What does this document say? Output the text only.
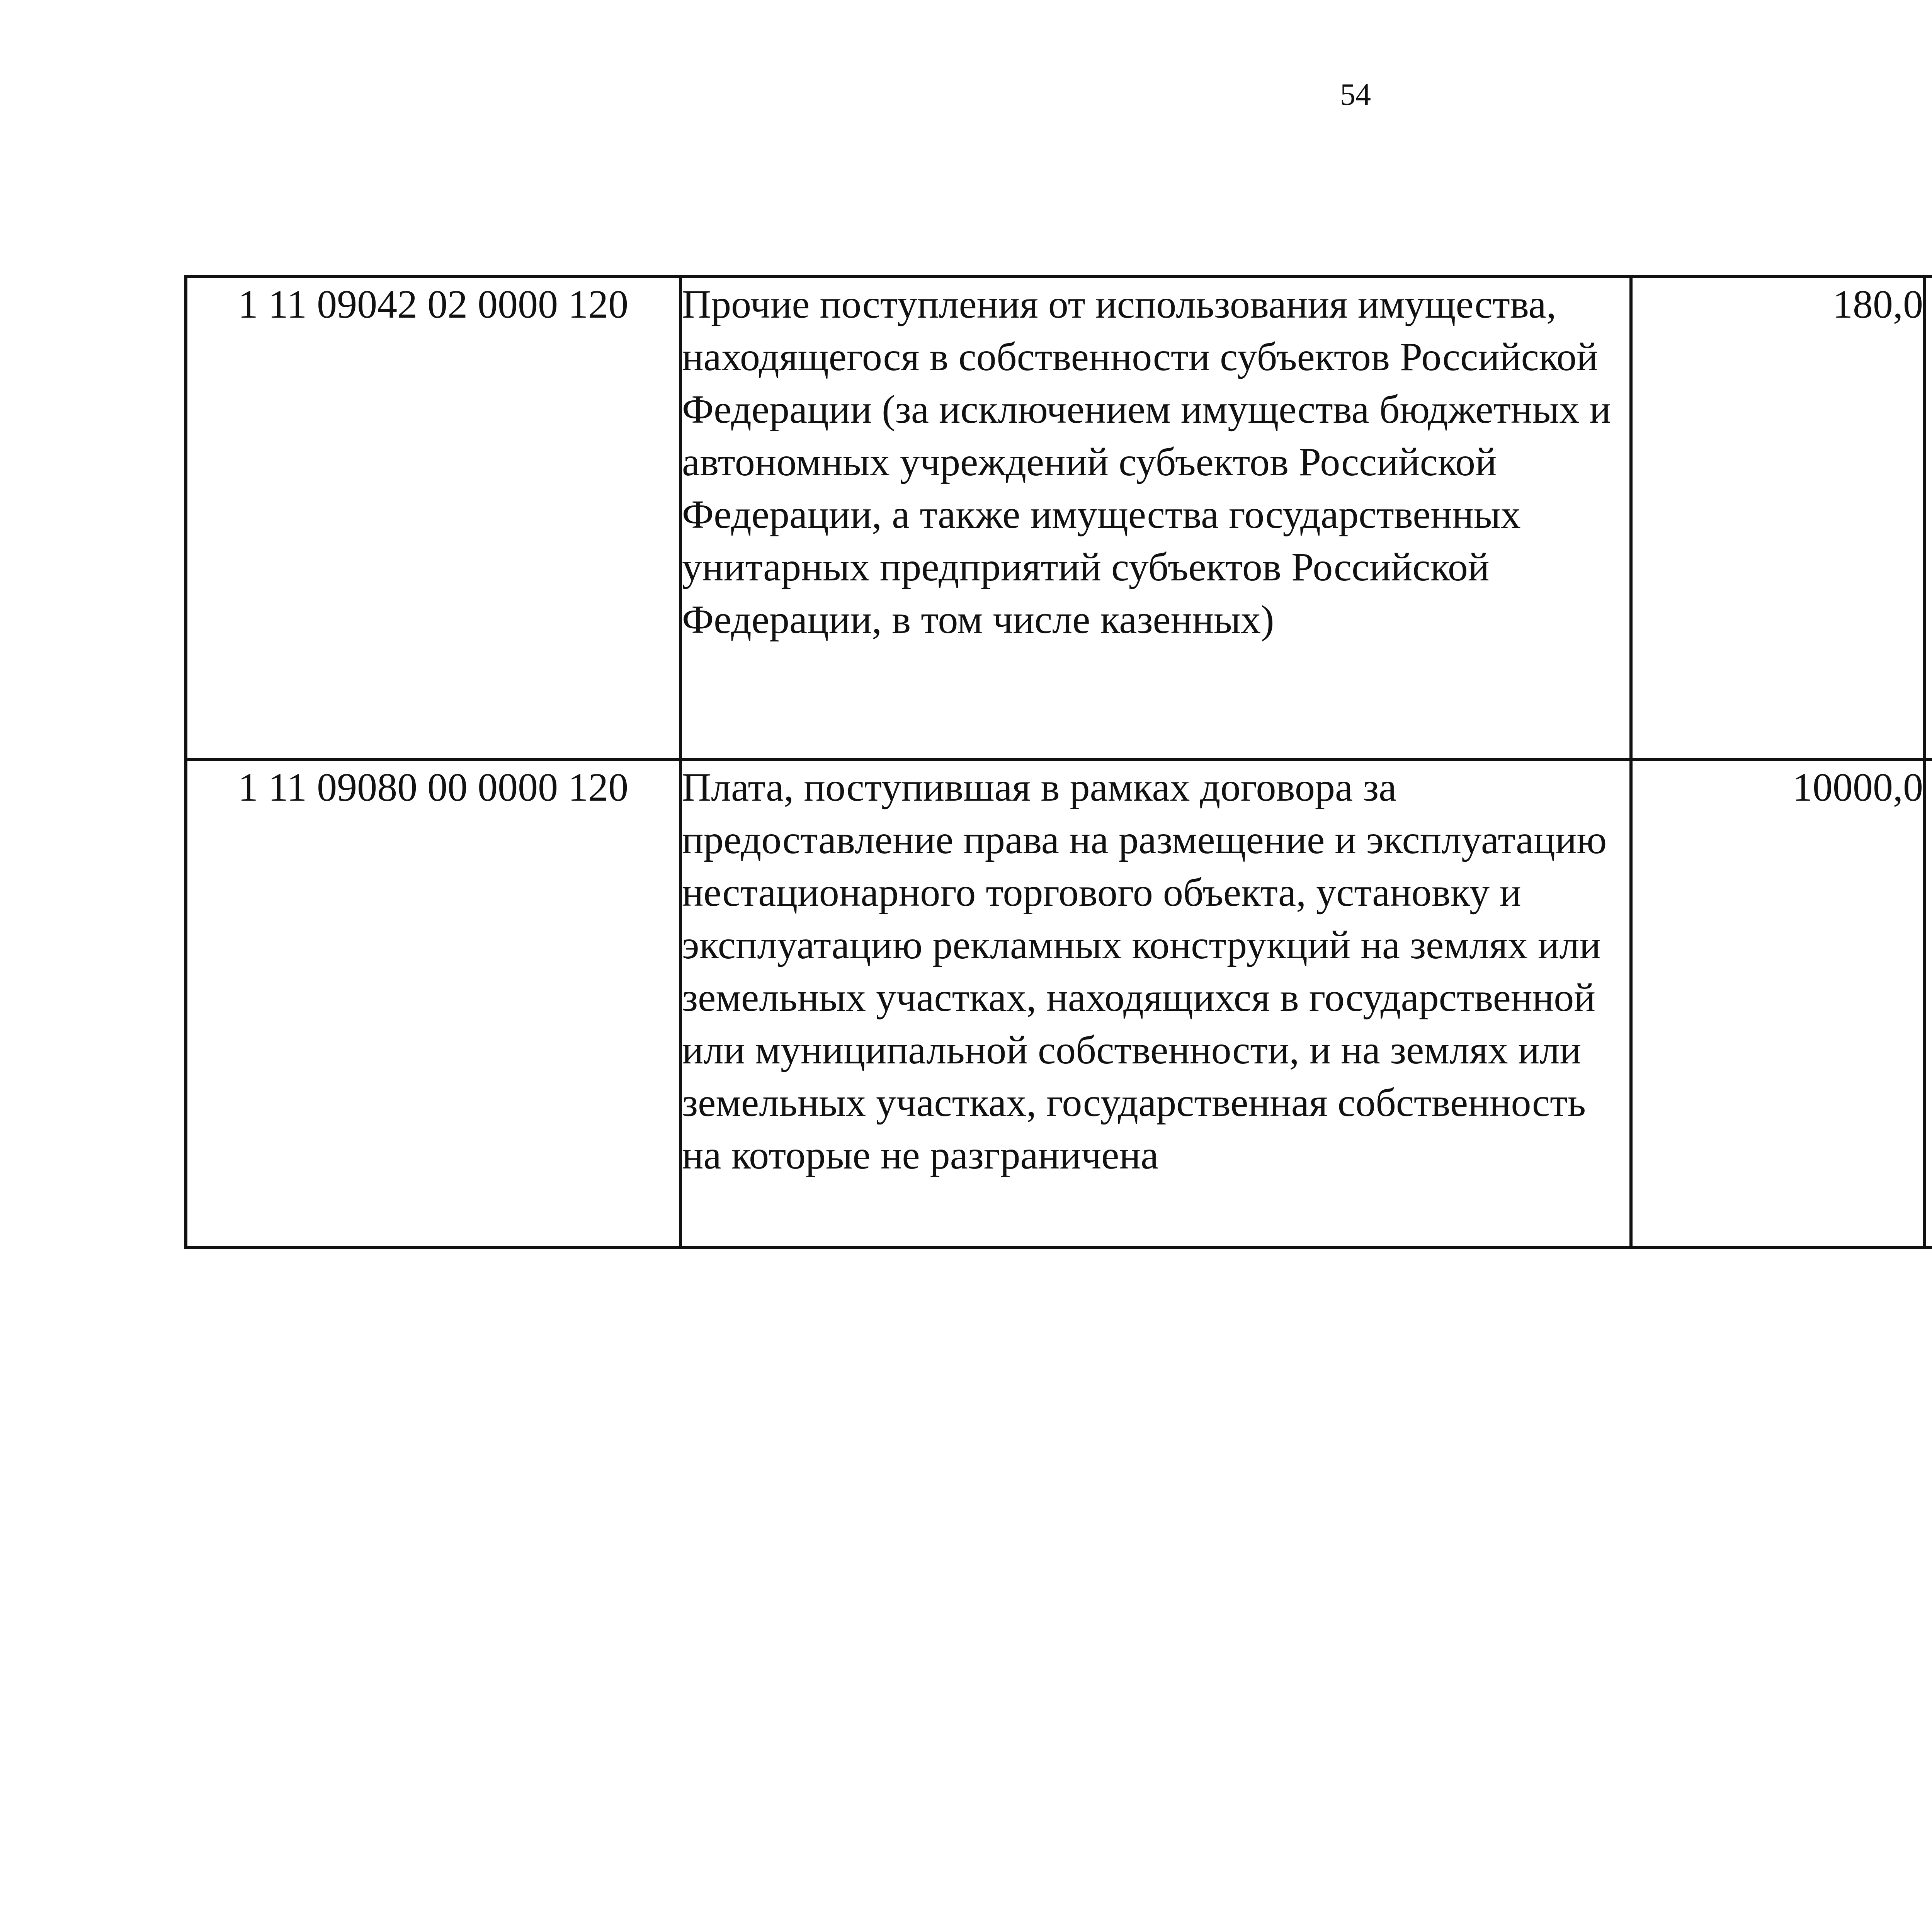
54
1 11 09042 02 0000 120	Прочие поступления от использования имущества, находящегося в собственности субъектов Российской Федерации (за исключением имущества бюджетных и автономных учреждений субъектов Российской Федерации, а также имущества государственных унитарных предприятий субъектов Российской Федерации, в том числе казенных)	180,0		
1 11 09080 00 0000 120	Плата, поступившая в рамках договора за предоставление права на размещение и эксплуатацию нестационарного торгового объекта, установку и эксплуатацию рекламных конструкций на землях или земельных участках, находящихся в государственной или муниципальной собственности, и на землях или земельных участках, государственная собственность на которые не разграничена	10000,0		
